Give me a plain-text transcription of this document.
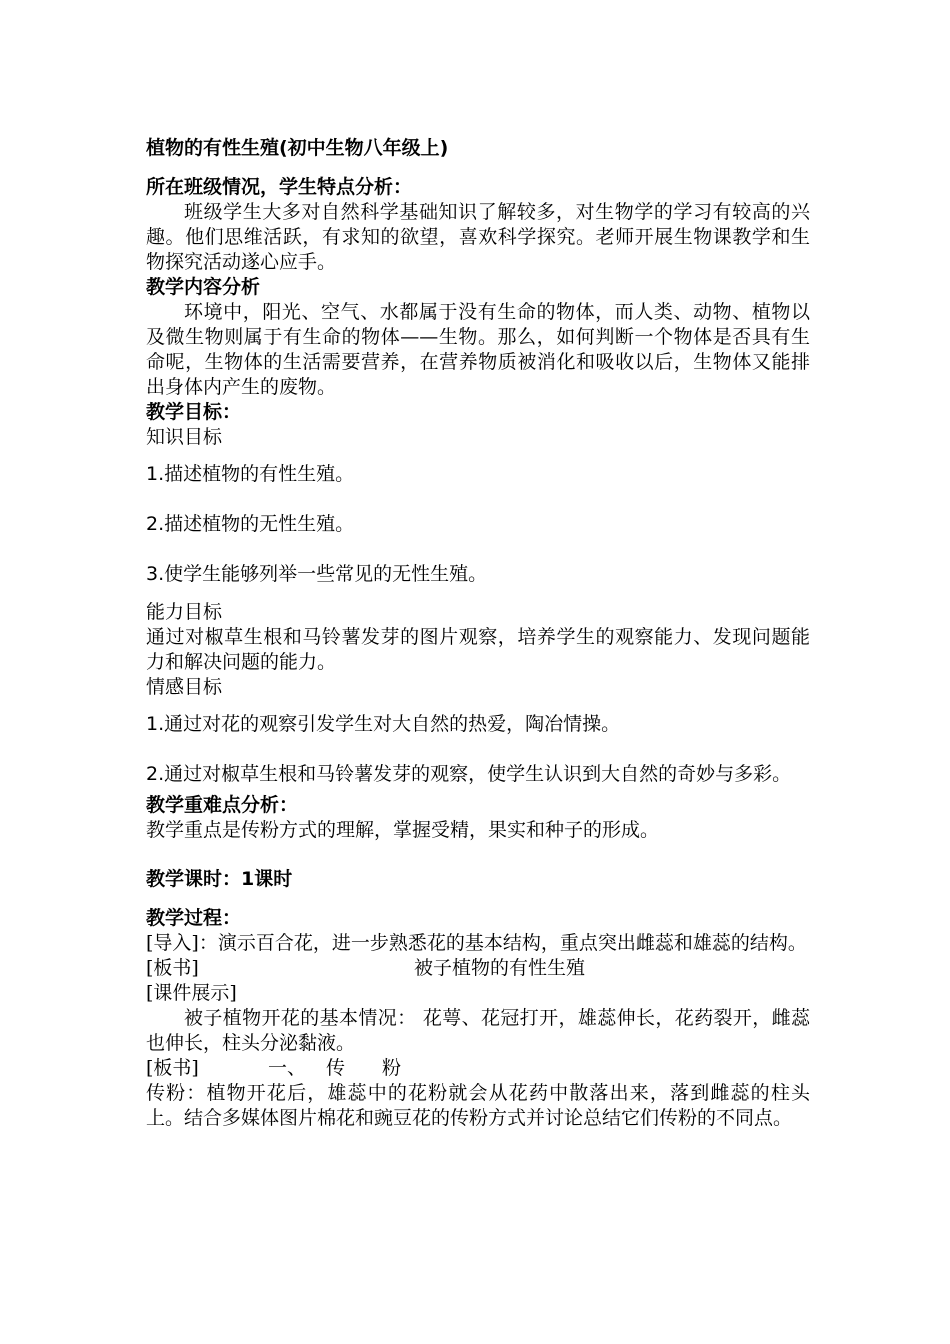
植物的有性生殖(初中生物八年级上)

所在班级情况，学生特点分析：

班级学生大多对自然科学基础知识了解较多，对生物学的学习有较高的兴趣。他们思维活跃，有求知的欲望，喜欢科学探究。老师开展生物课教学和生物探究活动遂心应手。

教学内容分析

环境中，阳光、空气、水都属于没有生命的物体，而人类、动物、植物以及微生物则属于有生命的物体——生物。那么，如何判断一个物体是否具有生命呢，生物体的生活需要营养，在营养物质被消化和吸收以后，生物体又能排出身体内产生的废物。

教学目标：

知识目标

1.描述植物的有性生殖。

2.描述植物的无性生殖。

3.使学生能够列举一些常见的无性生殖。

能力目标

通过对椒草生根和马铃薯发芽的图片观察，培养学生的观察能力、发现问题能力和解决问题的能力。

情感目标

1.通过对花的观察引发学生对大自然的热爱，陶冶情操。

2.通过对椒草生根和马铃薯发芽的观察，使学生认识到大自然的奇妙与多彩。

教学重难点分析：

教学重点是传粉方式的理解，掌握受精，果实和种子的形成。

教学课时：1课时

教学过程：

[导入]：演示百合花，进一步熟悉花的基本结构，重点突出雌蕊和雄蕊的结构。

[板书]	被子植物的有性生殖

[课件展示]

被子植物开花的基本情况： 花萼、花冠打开，雄蕊伸长，花药裂开，雌蕊也伸长，柱头分泌黏液。

[板书]	一、 传 粉

传粉：植物开花后，雄蕊中的花粉就会从花药中散落出来，落到雌蕊的柱头上。结合多媒体图片棉花和豌豆花的传粉方式并讨论总结它们传粉的不同点。
